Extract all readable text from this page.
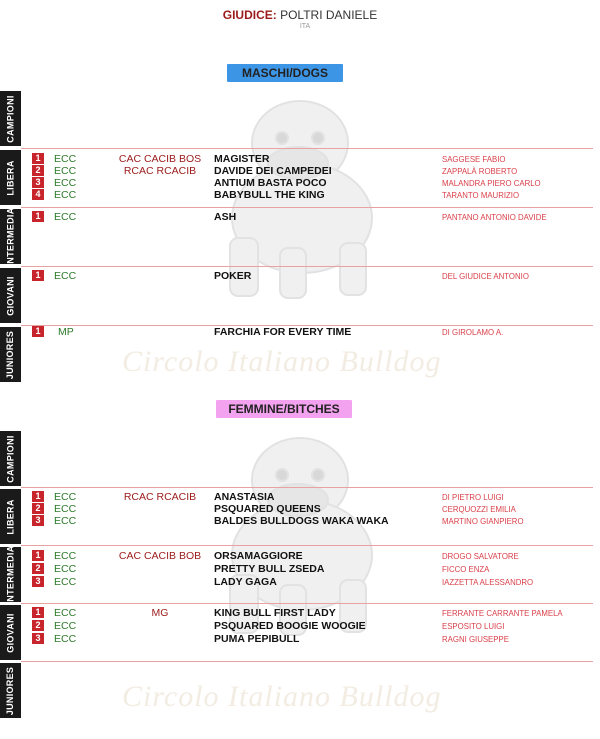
Circolo Italiano Bulldog
Circolo Italiano Bulldog
GIUDICE: POLTRI DANIELE
ITA
MASCHI/DOGS
FEMMINE/BITCHES
CAMPIONI
LIBERA
INTERMEDIA
GIOVANI
JUNIORES
CAMPIONI
LIBERA
INTERMEDIA
GIOVANI
JUNIORES
1	ECC	CAC CACIB BOS	MAGISTER	SAGGESE FABIO
2	ECC	RCAC RCACIB	DAVIDE DEI CAMPEDEI	ZAPPALÀ ROBERTO
3	ECC	ANTIUM BASTA POCO	MALANDRA PIERO CARLO
4	ECC	BABYBULL THE KING	TARANTO MAURIZIO
1	ECC	ASH	PANTANO ANTONIO DAVIDE
1	ECC	POKER	DEL GIUDICE ANTONIO
1	MP	FARCHIA FOR EVERY TIME	DI GIROLAMO A.
1	ECC	RCAC RCACIB	ANASTASIA	DI PIETRO LUIGI
2	ECC	PSQUARED QUEENS	CERQUOZZI EMILIA
3	ECC	BALDES BULLDOGS WAKA WAKA	MARTINO GIANPIERO
1	ECC	CAC CACIB BOB	ORSAMAGGIORE	DROGO SALVATORE
2	ECC	PRETTY BULL ZSEDA	FICCO ENZA
3	ECC	LADY GAGA	IAZZETTA ALESSANDRO
1	ECC	MG	KING BULL FIRST LADY	FERRANTE CARRANTE PAMELA
2	ECC	PSQUARED BOOGIE WOOGIE	ESPOSITO LUIGI
3	ECC	PUMA PEPIBULL	RAGNI GIUSEPPE
